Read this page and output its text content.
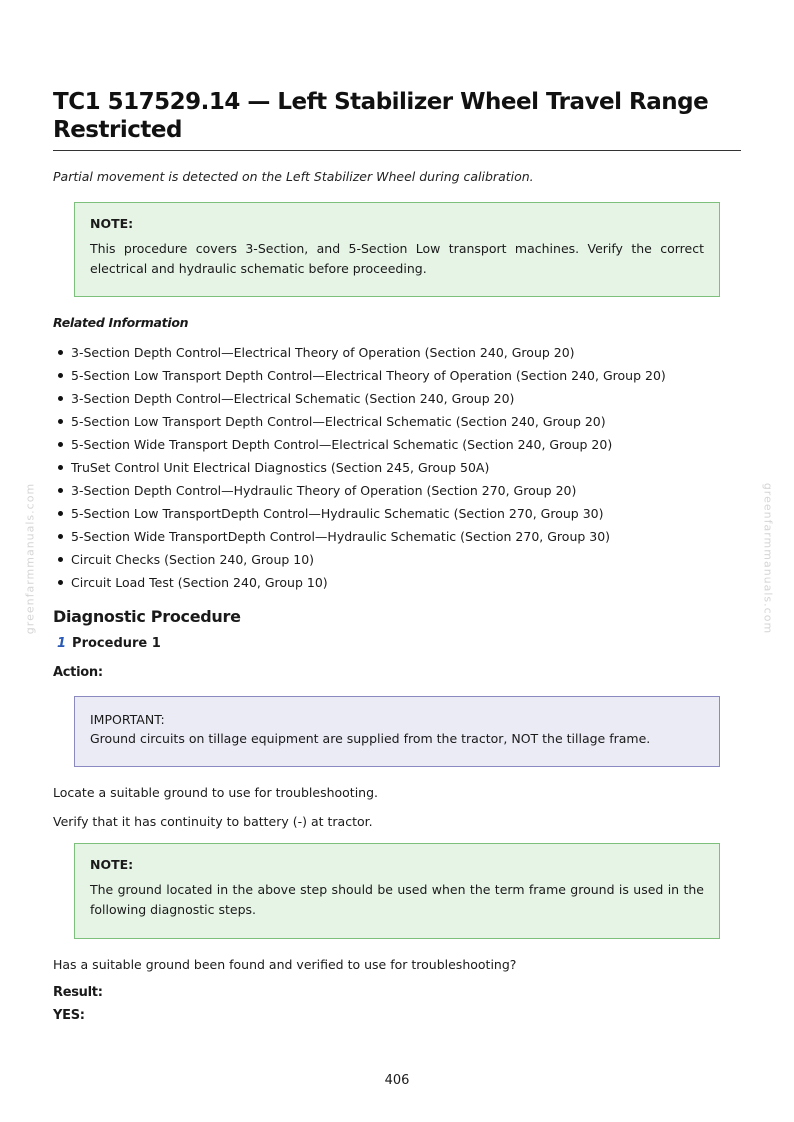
TC1 517529.14 — Left Stabilizer Wheel Travel Range Restricted
Partial movement is detected on the Left Stabilizer Wheel during calibration.
NOTE:
This procedure covers 3-Section, and 5-Section Low transport machines. Verify the correct electrical and hydraulic schematic before proceeding.
Related Information
3-Section Depth Control—Electrical Theory of Operation (Section 240, Group 20)
5-Section Low Transport Depth Control—Electrical Theory of Operation (Section 240, Group 20)
3-Section Depth Control—Electrical Schematic (Section 240, Group 20)
5-Section Low Transport Depth Control—Electrical Schematic (Section 240, Group 20)
5-Section Wide Transport Depth Control—Electrical Schematic (Section 240, Group 20)
TruSet Control Unit Electrical Diagnostics (Section 245, Group 50A)
3-Section Depth Control—Hydraulic Theory of Operation (Section 270, Group 20)
5-Section Low TransportDepth Control—Hydraulic Schematic (Section 270, Group 30)
5-Section Wide TransportDepth Control—Hydraulic Schematic (Section 270, Group 30)
Circuit Checks (Section 240, Group 10)
Circuit Load Test (Section 240, Group 10)
Diagnostic Procedure
1 Procedure 1
Action:
IMPORTANT:
Ground circuits on tillage equipment are supplied from the tractor, NOT the tillage frame.
Locate a suitable ground to use for troubleshooting.
Verify that it has continuity to battery (-) at tractor.
NOTE:
The ground located in the above step should be used when the term frame ground is used in the following diagnostic steps.
Has a suitable ground been found and verified to use for troubleshooting?
Result:
YES:
greenfarmmanuals.com	greenfarmmanuals.com
406
